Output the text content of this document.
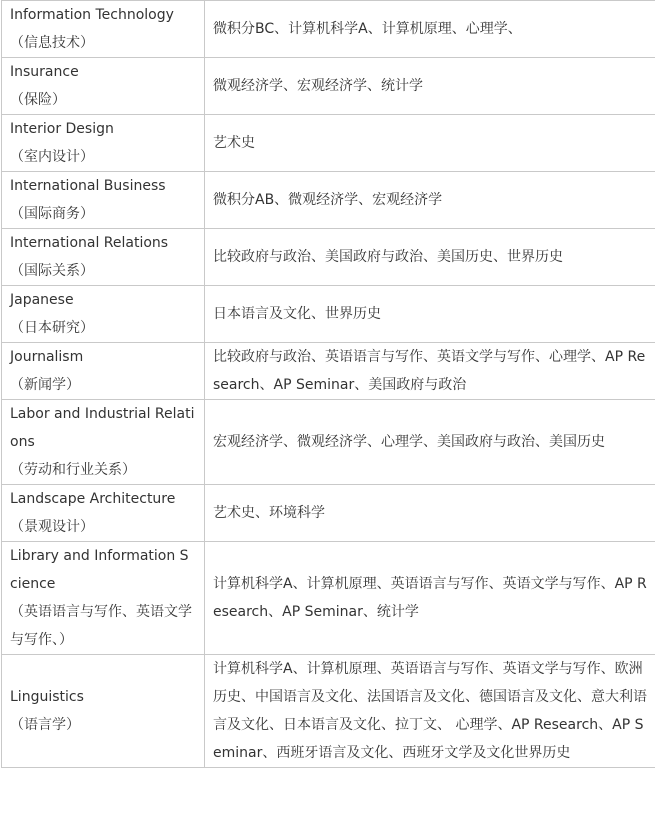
Information Technology
（信息技术）	微积分BC、计算机科学A、计算机原理、心理学、

Insurance
（保险）	微观经济学、宏观经济学、统计学

Interior Design
（室内设计）	艺术史

International Business
（国际商务）	微积分AB、微观经济学、宏观经济学

International Relations
（国际关系）	比较政府与政治、美国政府与政治、美国历史、世界历史

Japanese
（日本研究）	日本语言及文化、世界历史

Journalism
（新闻学）	比较政府与政治、英语语言与写作、英语文学与写作、心理学、AP Research、AP Seminar、美国政府与政治

Labor and Industrial Relations
（劳动和行业关系）	宏观经济学、微观经济学、心理学、美国政府与政治、美国历史

Landscape Architecture
（景观设计）	艺术史、环境科学

Library and Information Science
（英语语言与写作、英语文学与写作、）	计算机科学A、计算机原理、英语语言与写作、英语文学与写作、AP Research、AP Seminar、统计学

Linguistics
（语言学）	计算机科学A、计算机原理、英语语言与写作、英语文学与写作、欧洲历史、中国语言及文化、法国语言及文化、德国语言及文化、意大利语言及文化、日本语言及文化、拉丁文、 心理学、AP Research、AP Seminar、西班牙语言及文化、西班牙文学及文化世界历史
